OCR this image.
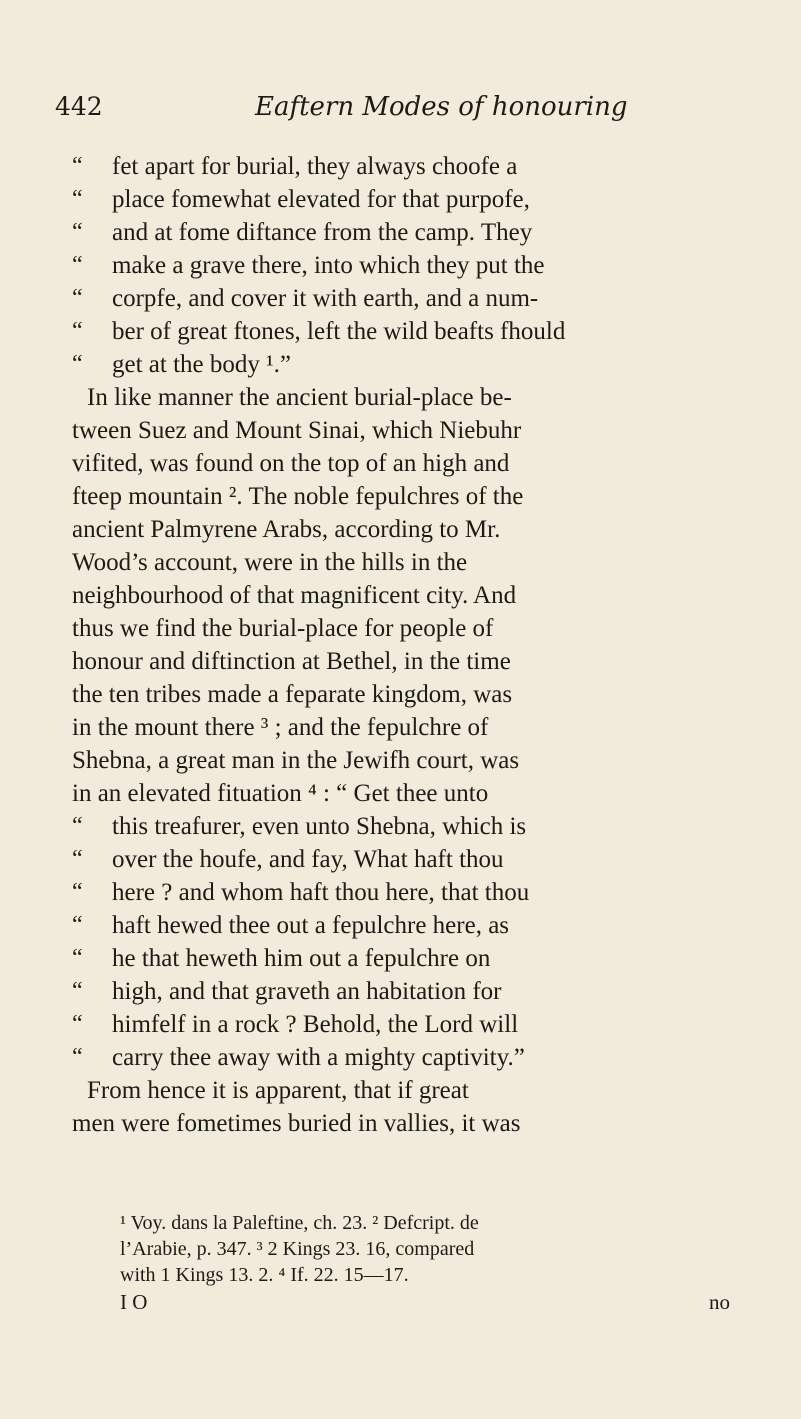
442	Eaftern Modes of honouring
“ fet apart for burial, they always choofe a
“ place fomewhat elevated for that purpofe,
“ and at fome diftance from the camp. They
“ make a grave there, into which they put the
“ corpfe, and cover it with earth, and a num-
“ ber of great ftones, left the wild beafts fhould
“ get at the body ¹.”
In like manner the ancient burial-place be-
tween Suez and Mount Sinai, which Niebuhr
vifited, was found on the top of an high and
fteep mountain ². The noble fepulchres of the
ancient Palmyrene Arabs, according to Mr.
Wood’s account, were in the hills in the
neighbourhood of that magnificent city. And
thus we find the burial-place for people of
honour and diftinction at Bethel, in the time
the ten tribes made a feparate kingdom, was
in the mount there ³ ; and the fepulchre of
Shebna, a great man in the Jewifh court, was
in an elevated fituation ⁴ : “ Get thee unto
“ this treafurer, even unto Shebna, which is
“ over the houfe, and fay, What haft thou
“ here ? and whom haft thou here, that thou
“ haft hewed thee out a fepulchre here, as
“ he that heweth him out a fepulchre on
“ high, and that graveth an habitation for
“ himfelf in a rock ? Behold, the Lord will
“ carry thee away with a mighty captivity.”
From hence it is apparent, that if great
men were fometimes buried in vallies, it was
¹ Voy. dans la Paleftine, ch. 23. ² Defcript. de
l’Arabie, p. 347. ³ 2 Kings 23. 16, compared
with 1 Kings 13. 2. ⁴ If. 22. 15—17.
I O	no
